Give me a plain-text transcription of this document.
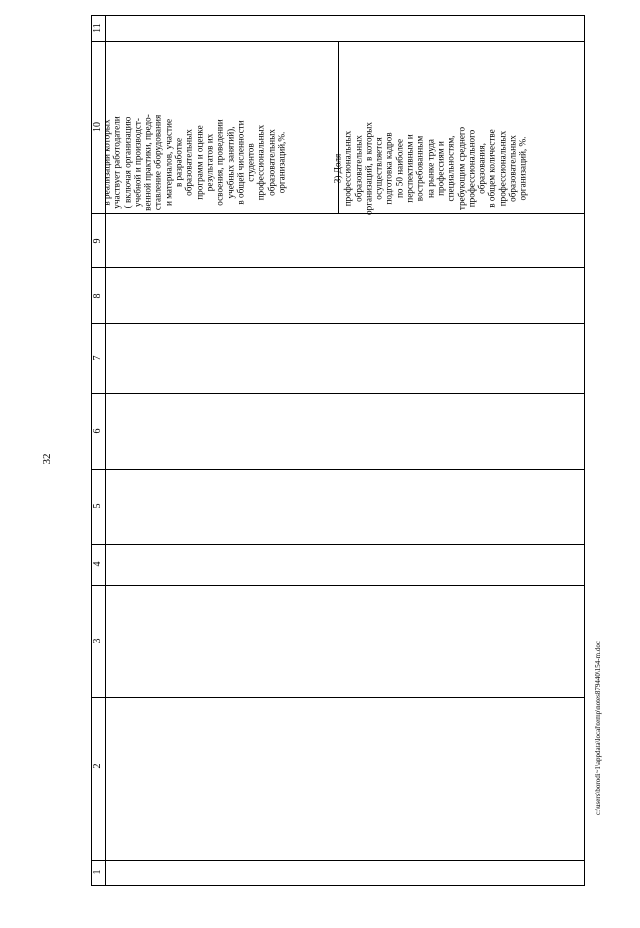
32
1
2
3
4
5
6
7
8
9
10
11
в реализации которых участвует работодатели ( включая организацию учебной и производст- венной практики, предо- ставление оборудования и материалов, участие в разработке образовательных программ и оценке результатов их освоения, проведении учебных занятий), в общей численности студентов профессиональных образовательных организаций,%.	3) Доля профессиональных образовательных организаций, в которых осуществляется подготовка кадров по 50 наиболее перспективным и востребованным на рынке труда профессиям и специальностям, требующим среднего профессионального образования, в общем количестве профессиональных образовательных организаций, %.
c:\users\borodi~1\appdata\local\temp\notes879440\154-m.doc
